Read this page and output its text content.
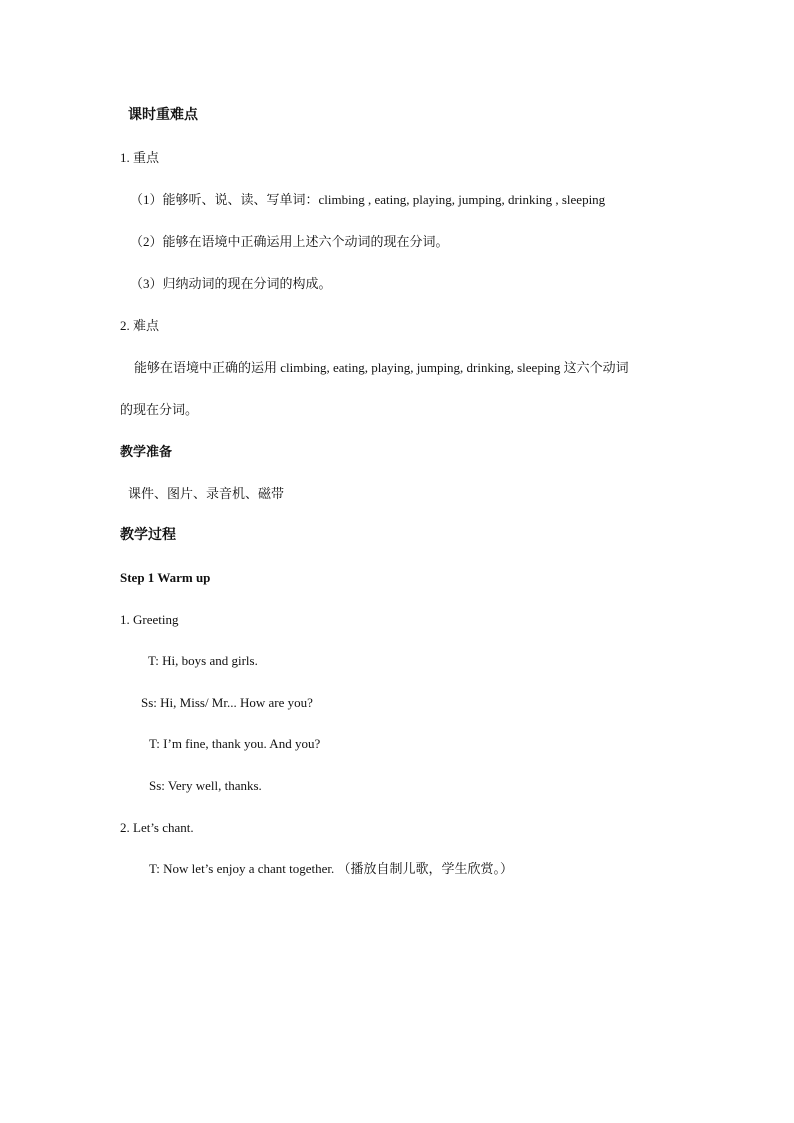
课时重难点
1. 重点
（1）能够听、说、读、写单词：climbing , eating, playing, jumping, drinking , sleeping
（2）能够在语境中正确运用上述六个动词的现在分词。
（3）归纳动词的现在分词的构成。
2. 难点
能够在语境中正确的运用 climbing, eating, playing, jumping, drinking, sleeping 这六个动词
的现在分词。
教学准备
课件、图片、录音机、磁带
教学过程
Step 1 Warm up
1. Greeting
T: Hi, boys and girls.
Ss: Hi, Miss/ Mr... How are you?
T: I’m fine, thank you. And you?
Ss: Very well, thanks.
2. Let’s chant.
T: Now let’s enjoy a chant together. （播放自制儿歌，学生欣赏。）
